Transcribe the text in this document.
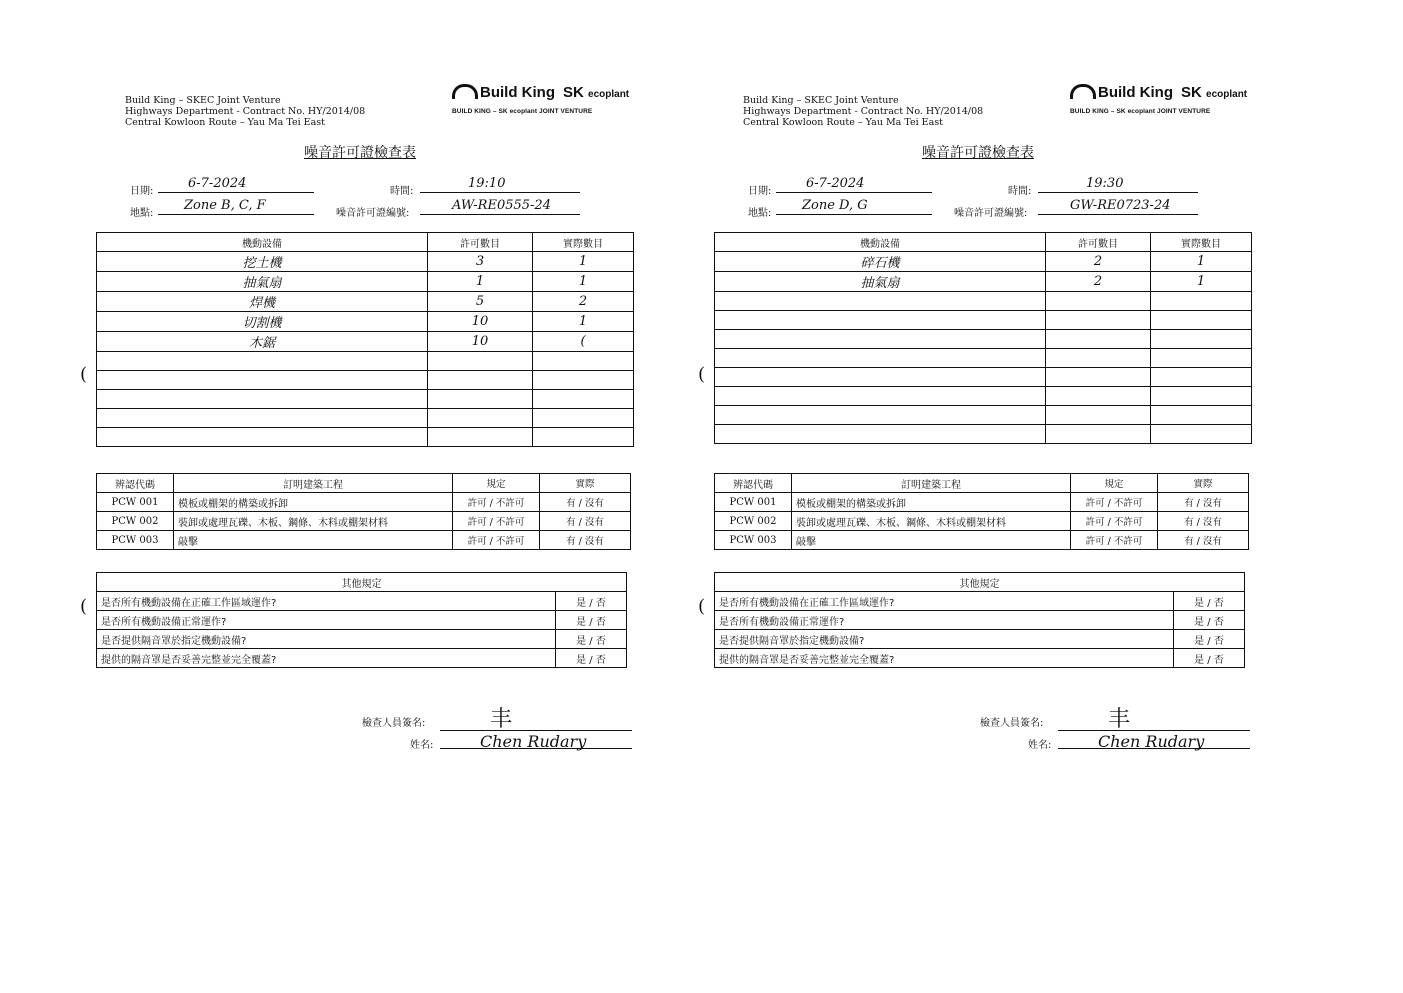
Build King – SKEC Joint Venture
Highways Department - Contract No. HY/2014/08
Central Kowloon Route – Yau Ma Tei East
Build King SK ecoplant
BUILD KING – SK ecoplant JOINT VENTURE
噪音許可證檢查表
日期:
6-7-2024
時間:
19:10
地點:
Zone B, C, F
噪音許可證編號:
AW-RE0555-24
機動設備	許可數目	實際數目
挖土機	3	1
抽氣扇	1	1
焊機	5	2
切割機	10	1
木鋸	10	(

(
辨認代碼	訂明建築工程	規定	實際
PCW 001	模板或棚架的構築或拆卸	許可 / 不許可	有 / 沒有
PCW 002	裝卸或處理瓦礫、木板、鋼條、木料或棚架材料	許可 / 不許可	有 / 沒有
PCW 003	敲擊	許可 / 不許可	有 / 沒有
其他規定	
是否所有機動設備在正確工作區域運作?	是 / 否
是否所有機動設備正常運作?	是 / 否
是否提供隔音罩於指定機動設備?	是 / 否
提供的隔音罩是否妥善完整並完全覆蓋?	是 / 否
(
檢查人員簽名:	丰
姓名:	Chen Rudary
Build King – SKEC Joint Venture
Highways Department - Contract No. HY/2014/08
Central Kowloon Route – Yau Ma Tei East
Build King SK ecoplant
BUILD KING – SK ecoplant JOINT VENTURE
噪音許可證檢查表
日期:
6-7-2024
時間:
19:30
地點:
Zone D, G
噪音許可證編號:
GW-RE0723-24
機動設備	許可數目	實際數目
碎石機	2	1
抽氣扇	2	1

(
辨認代碼	訂明建築工程	規定	實際
PCW 001	模板或棚架的構築或拆卸	許可 / 不許可	有 / 沒有
PCW 002	裝卸或處理瓦礫、木板、鋼條、木料或棚架材料	許可 / 不許可	有 / 沒有
PCW 003	敲擊	許可 / 不許可	有 / 沒有
其他規定	
是否所有機動設備在正確工作區域運作?	是 / 否
是否所有機動設備正常運作?	是 / 否
是否提供隔音罩於指定機動設備?	是 / 否
提供的隔音罩是否妥善完整並完全覆蓋?	是 / 否
(
檢查人員簽名:	丰
姓名:	Chen Rudary
